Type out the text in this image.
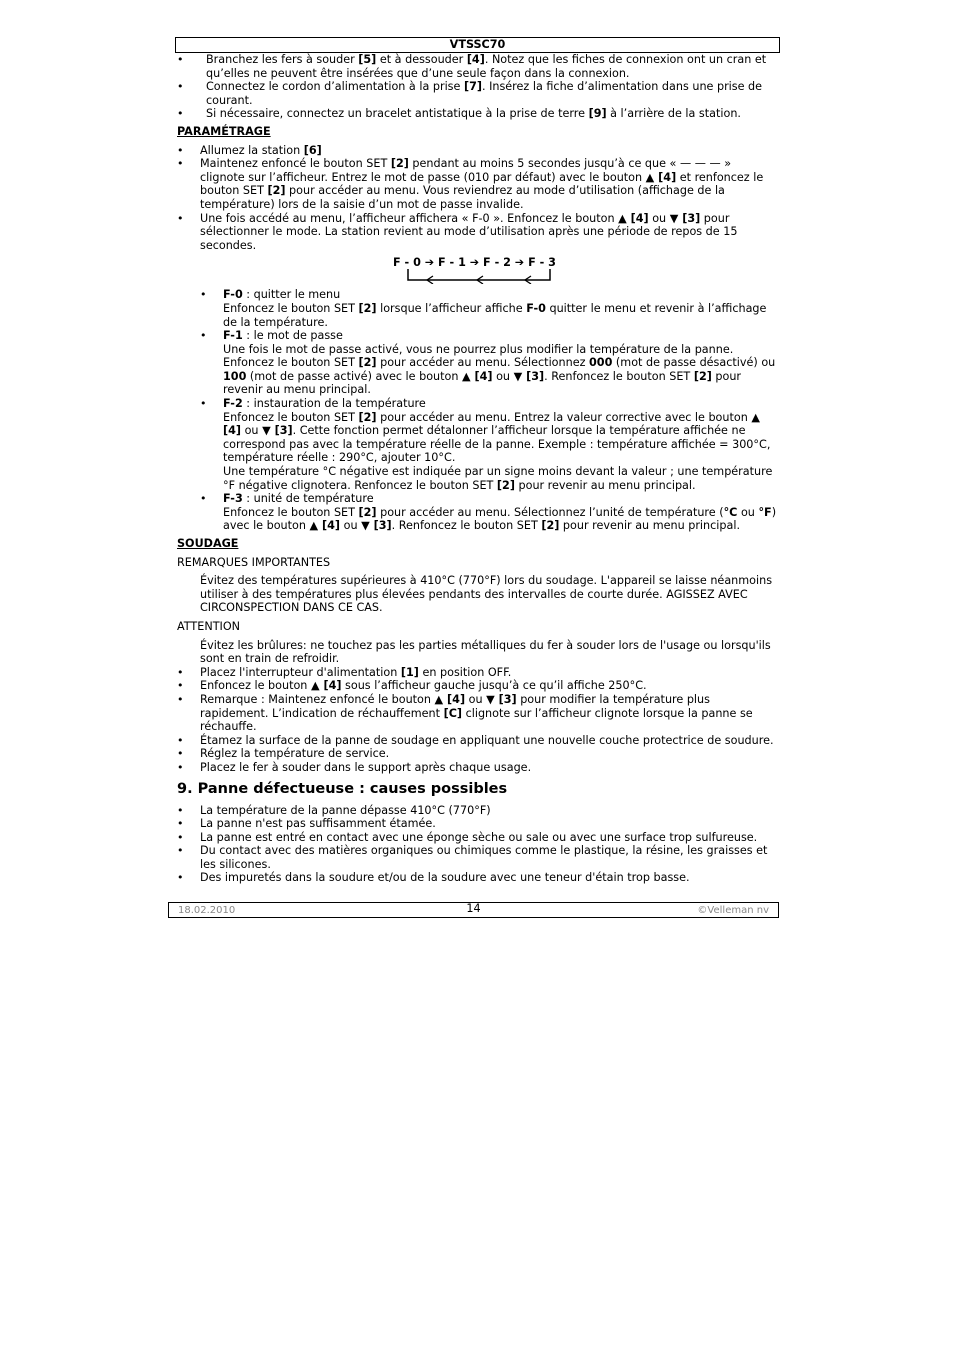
VTSSC70
• Branchez les fers à souder [5] et à dessouder [4]. Notez que les fiches de connexion ont un cran et qu’elles ne peuvent être insérées que d’une seule façon dans la connexion.
• Connectez le cordon d’alimentation à la prise [7]. Insérez la fiche d’alimentation dans une prise de courant.
• Si nécessaire, connectez un bracelet antistatique à la prise de terre [9] à l’arrière de la station.
PARAMÉTRAGE
• Allumez la station [6]
• Maintenez enfoncé le bouton SET [2] pendant au moins 5 secondes jusqu’à ce que « — — — » clignote sur l’afficheur. Entrez le mot de passe (010 par défaut) avec le bouton ▲ [4] et renfoncez le bouton SET [2] pour accéder au menu. Vous reviendrez au mode d’utilisation (affichage de la température) lors de la saisie d’un mot de passe invalide.
• Une fois accédé au menu, l’afficheur affichera « F-0 ». Enfoncez le bouton ▲ [4] ou ▼ [3] pour sélectionner le mode. La station revient au mode d’utilisation après une période de repos de 15 secondes.
F - 0 ➔ F - 1 ➔ F - 2 ➔ F - 3
• F-0 : quitter le menu
Enfoncez le bouton SET [2] lorsque l’afficheur affiche F-0 quitter le menu et revenir à l’affichage de la température.
• F-1 : le mot de passe
Une fois le mot de passe activé, vous ne pourrez plus modifier la température de la panne. Enfoncez le bouton SET [2] pour accéder au menu. Sélectionnez 000 (mot de passe désactivé) ou 100 (mot de passe activé) avec le bouton ▲ [4] ou ▼ [3]. Renfoncez le bouton SET [2] pour revenir au menu principal.
• F-2 : instauration de la température
Enfoncez le bouton SET [2] pour accéder au menu. Entrez la valeur corrective avec le bouton ▲ [4] ou ▼ [3]. Cette fonction permet détalonner l’afficheur lorsque la température affichée ne correspond pas avec la température réelle de la panne. Exemple : température affichée = 300°C, température réelle : 290°C, ajouter 10°C.
Une température °C négative est indiquée par un signe moins devant la valeur ; une température °F négative clignotera. Renfoncez le bouton SET [2] pour revenir au menu principal.
• F-3 : unité de température
Enfoncez le bouton SET [2] pour accéder au menu. Sélectionnez l’unité de température (°C ou °F) avec le bouton ▲ [4] ou ▼ [3]. Renfoncez le bouton SET [2] pour revenir au menu principal.
SOUDAGE
REMARQUES IMPORTANTES
Évitez des températures supérieures à 410°C (770°F) lors du soudage. L'appareil se laisse néanmoins utiliser à des températures plus élevées pendants des intervalles de courte durée. AGISSEZ AVEC CIRCONSPECTION DANS CE CAS.
ATTENTION
Évitez les brûlures: ne touchez pas les parties métalliques du fer à souder lors de l'usage ou lorsqu'ils sont en train de refroidir.
• Placez l'interrupteur d'alimentation [1] en position OFF.
• Enfoncez le bouton ▲ [4] sous l’afficheur gauche jusqu’à ce qu’il affiche 250°C.
• Remarque : Maintenez enfoncé le bouton ▲ [4] ou ▼ [3] pour modifier la température plus rapidement. L’indication de réchauffement [C] clignote sur l’afficheur clignote lorsque la panne se réchauffe.
• Étamez la surface de la panne de soudage en appliquant une nouvelle couche protectrice de soudure.
• Réglez la température de service.
• Placez le fer à souder dans le support après chaque usage.
9. Panne défectueuse : causes possibles
• La température de la panne dépasse 410°C (770°F)
• La panne n'est pas suffisamment étamée.
• La panne est entré en contact avec une éponge sèche ou sale ou avec une surface trop sulfureuse.
• Du contact avec des matières organiques ou chimiques comme le plastique, la résine, les graisses et les silicones.
• Des impuretés dans la soudure et/ou de la soudure avec une teneur d'étain trop basse.
18.02.2010	14	©Velleman nv
